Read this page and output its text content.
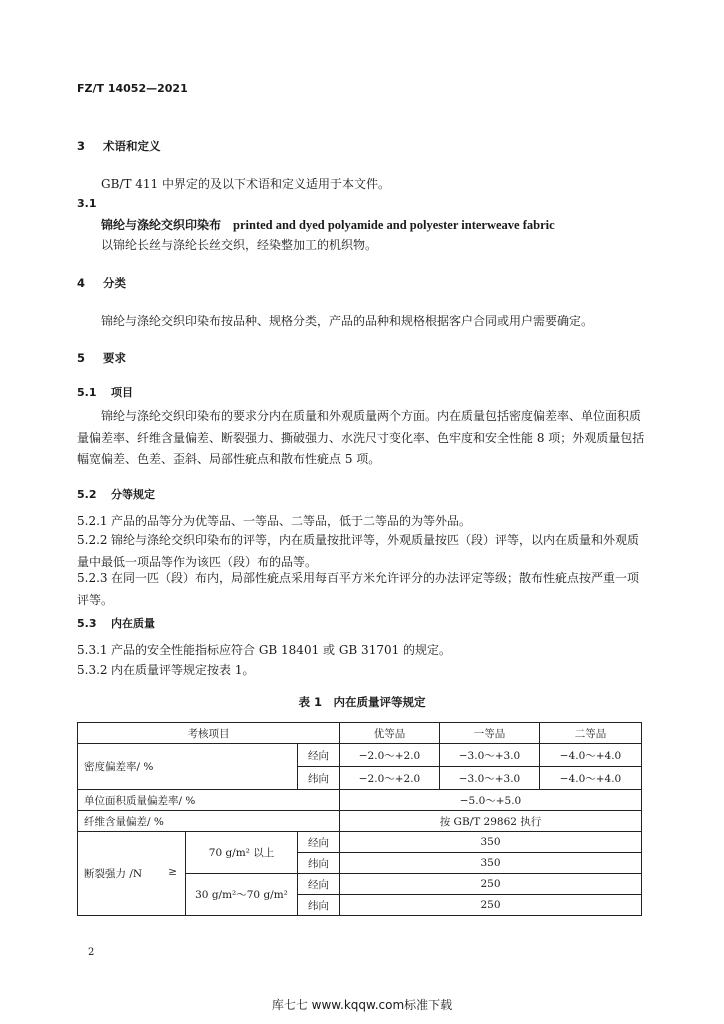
FZ/T 14052—2021
3 术语和定义
GB/T 411 中界定的及以下术语和定义适用于本文件。
3.1
锦纶与涤纶交织印染布 printed and dyed polyamide and polyester interweave fabric
以锦纶长丝与涤纶长丝交织，经染整加工的机织物。
4 分类
锦纶与涤纶交织印染布按品种、规格分类，产品的品种和规格根据客户合同或用户需要确定。
5 要求
5.1 项目
锦纶与涤纶交织印染布的要求分内在质量和外观质量两个方面。内在质量包括密度偏差率、单位面积质量偏差率、纤维含量偏差、断裂强力、撕破强力、水洗尺寸变化率、色牢度和安全性能 8 项；外观质量包括幅宽偏差、色差、歪斜、局部性疵点和散布性疵点 5 项。
5.2 分等规定
5.2.1 产品的品等分为优等品、一等品、二等品，低于二等品的为等外品。
5.2.2 锦纶与涤纶交织印染布的评等，内在质量按批评等，外观质量按匹（段）评等，以内在质量和外观质量中最低一项品等作为该匹（段）布的品等。
5.2.3 在同一匹（段）布内，局部性疵点采用每百平方米允许评分的办法评定等级；散布性疵点按严重一项评等。
5.3 内在质量
5.3.1 产品的安全性能指标应符合 GB 18401 或 GB 31701 的规定。
5.3.2 内在质量评等规定按表 1。
表 1　内在质量评等规定
考核项目			优等品	一等品	二等品
密度偏差率/ %		经向	−2.0～+2.0	−3.0～+3.0	−4.0～+4.0
		纬向	−2.0～+2.0	−3.0～+3.0	−4.0～+4.0
单位面积质量偏差率/ %			−5.0～+5.0		
纤维含量偏差/ %			按 GB/T 29862 执行		
断裂强力 /N ≥	70 g/m² 以上	经向	350		
		纬向	350		
	30 g/m²～70 g/m²	经向	250		
		纬向	250		
2
库七七 www.kqqw.com标准下载
